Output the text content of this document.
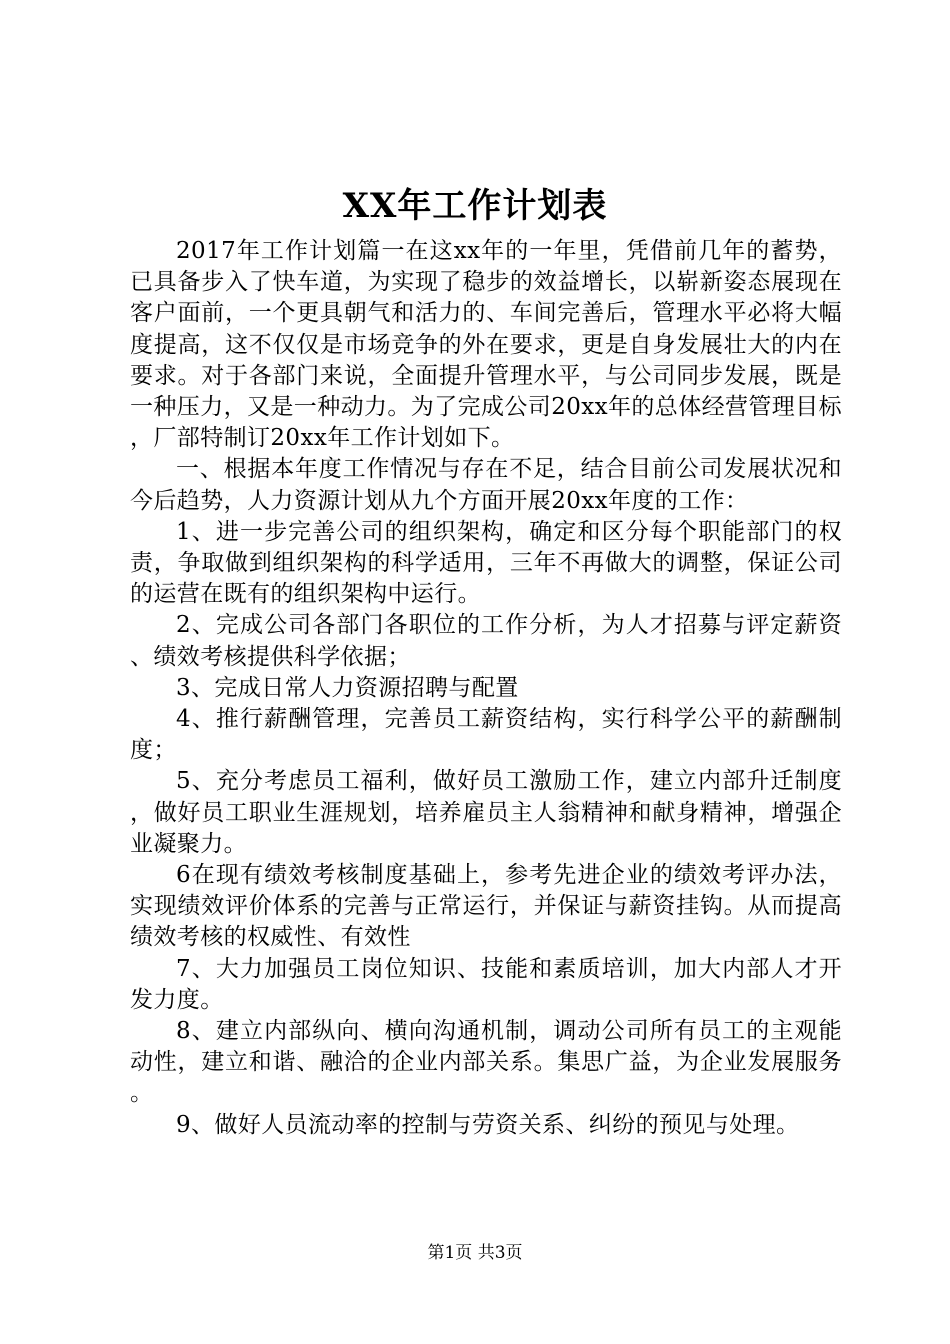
XX年工作计划表

2017年工作计划篇一在这xx年的一年里，凭借前几年的蓄势，已具备步入了快车道，为实现了稳步的效益增长，以崭新姿态展现在客户面前，一个更具朝气和活力的、车间完善后，管理水平必将大幅度提高，这不仅仅是市场竞争的外在要求，更是自身发展壮大的内在要求。对于各部门来说，全面提升管理水平，与公司同步发展，既是一种压力，又是一种动力。为了完成公司20xx年的总体经营管理目标，厂部特制订20xx年工作计划如下。

一、根据本年度工作情况与存在不足，结合目前公司发展状况和今后趋势，人力资源计划从九个方面开展20xx年度的工作：

1、进一步完善公司的组织架构，确定和区分每个职能部门的权责，争取做到组织架构的科学适用，三年不再做大的调整，保证公司的运营在既有的组织架构中运行。

2、完成公司各部门各职位的工作分析，为人才招募与评定薪资、绩效考核提供科学依据；

3、完成日常人力资源招聘与配置

4、推行薪酬管理，完善员工薪资结构，实行科学公平的薪酬制度；

5、充分考虑员工福利，做好员工激励工作，建立内部升迁制度，做好员工职业生涯规划，培养雇员主人翁精神和献身精神，增强企业凝聚力。

6在现有绩效考核制度基础上，参考先进企业的绩效考评办法，实现绩效评价体系的完善与正常运行，并保证与薪资挂钩。从而提高绩效考核的权威性、有效性

7、大力加强员工岗位知识、技能和素质培训，加大内部人才开发力度。

8、建立内部纵向、横向沟通机制，调动公司所有员工的主观能动性，建立和谐、融洽的企业内部关系。集思广益，为企业发展服务。

9、做好人员流动率的控制与劳资关系、纠纷的预见与处理。

第1页 共3页
